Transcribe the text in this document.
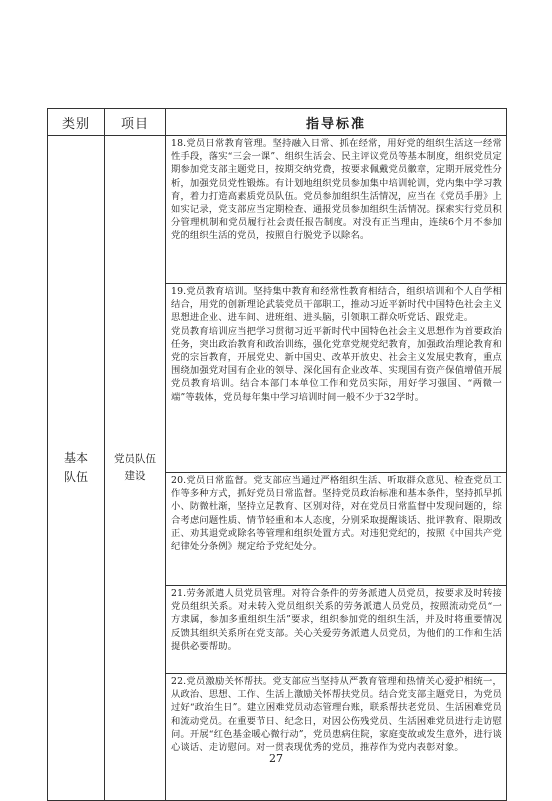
类别	项目	指导标准
基本队伍	党员队伍建设	18.党员日常教育管理。坚持融入日常、抓在经常，用好党的组织生活这一经常性手段，落实“三会一课”、组织生活会、民主评议党员等基本制度，组织党员定期参加党支部主题党日，按期交纳党费，按要求佩戴党员徽章，定期开展党性分析，加强党员党性锻炼。有计划地组织党员参加集中培训轮训，党内集中学习教育，着力打造高素质党员队伍。党员参加组织生活情况，应当在《党员手册》上如实记录，党支部应当定期检查、通报党员参加组织生活情况。探索实行党员积分管理机制和党员履行社会责任报告制度。对没有正当理由，连续6个月不参加党的组织生活的党员，按照自行脱党予以除名。

		19.党员教育培训。坚持集中教育和经常性教育相结合，组织培训和个人自学相结合，用党的创新理论武装党员干部职工，推动习近平新时代中国特色社会主义思想进企业、进车间、进班组、进头脑，引领职工群众听党话、跟党走。

党员教育培训应当把学习贯彻习近平新时代中国特色社会主义思想作为首要政治任务，突出政治教育和政治训练，强化党章党规党纪教育，加强政治理论教育和党的宗旨教育，开展党史、新中国史、改革开放史、社会主义发展史教育，重点围绕加强党对国有企业的领导、深化国有企业改革、实现国有资产保值增值开展党员教育培训。结合本部门本单位工作和党员实际，用好学习强国、“两微一端”等载体，党员每年集中学习培训时间一般不少于32学时。

		20.党员日常监督。党支部应当通过严格组织生活、听取群众意见、检查党员工作等多种方式，抓好党员日常监督。坚持党员政治标准和基本条件，坚持抓早抓小、防微杜渐，坚持立足教育、区别对待，对在党员日常监督中发现问题的，综合考虑问题性质、情节轻重和本人态度，分别采取提醒谈话、批评教育、限期改正、劝其退党或除名等管理和组织处置方式。对违犯党纪的，按照《中国共产党纪律处分条例》规定给予党纪处分。

		21.劳务派遣人员党员管理。对符合条件的劳务派遣人员党员，按要求及时转接党员组织关系。对未转入党员组织关系的劳务派遣人员党员，按照流动党员“一方隶属，参加多重组织生活”要求，组织参加党的组织生活，并及时将重要情况反馈其组织关系所在党支部。关心关爱劳务派遣人员党员，为他们的工作和生活提供必要帮助。

		22.党员激励关怀帮扶。党支部应当坚持从严教育管理和热情关心爱护相统一，从政治、思想、工作、生活上激励关怀帮扶党员。结合党支部主题党日，为党员过好“政治生日”。建立困难党员动态管理台账，联系帮扶老党员、生活困难党员和流动党员。在重要节日、纪念日，对因公伤残党员、生活困难党员进行走访慰问。开展“红色基金暖心微行动”，党员患病住院，家庭变故或发生意外，进行谈心谈话、走访慰问。对一贯表现优秀的党员，推荐作为党内表彰对象。

27
